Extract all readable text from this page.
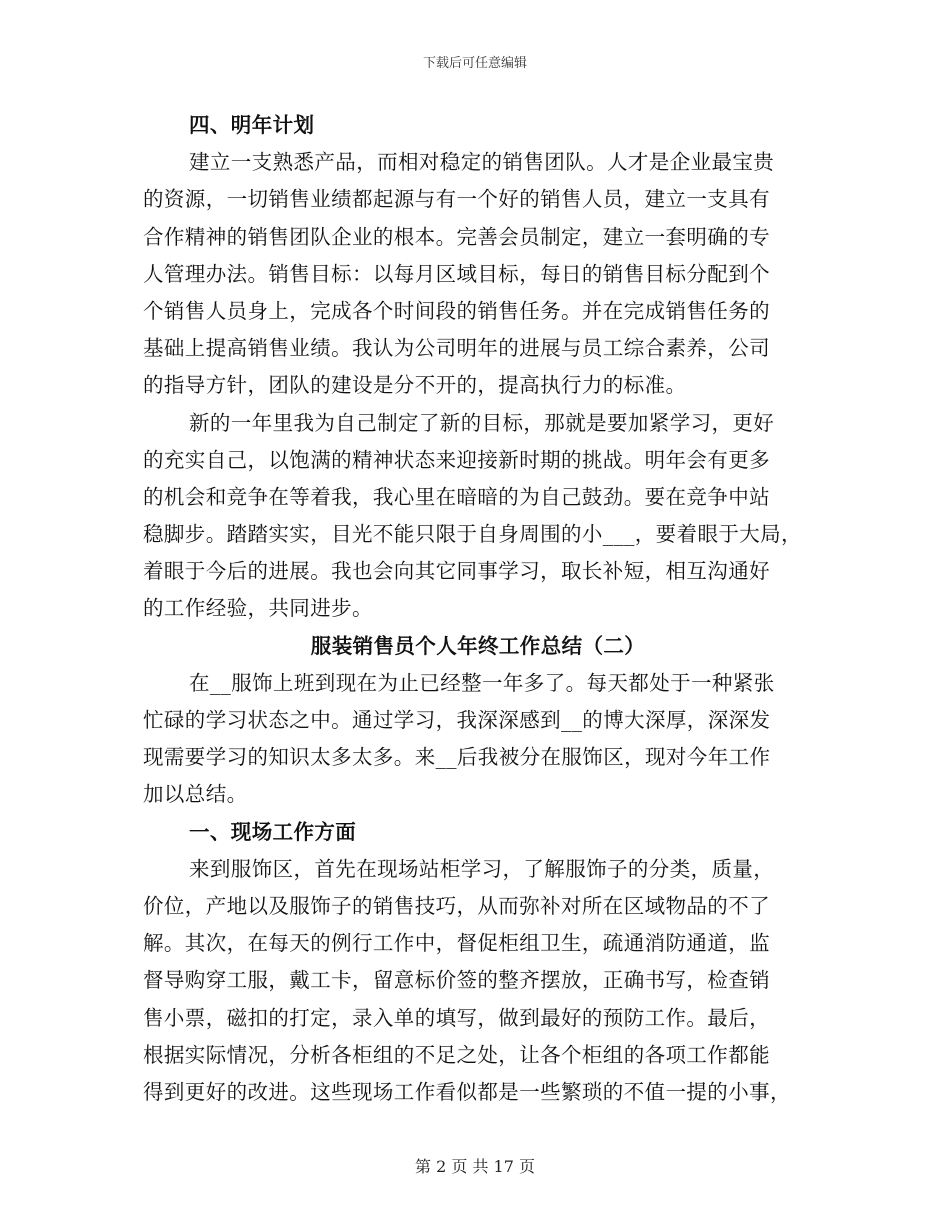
下载后可任意编辑
四、明年计划
建立一支熟悉产品，而相对稳定的销售团队。人才是企业最宝贵
的资源，一切销售业绩都起源与有一个好的销售人员，建立一支具有
合作精神的销售团队企业的根本。完善会员制定，建立一套明确的专
人管理办法。销售目标：以每月区域目标，每日的销售目标分配到个
个销售人员身上，完成各个时间段的销售任务。并在完成销售任务的
基础上提高销售业绩。我认为公司明年的进展与员工综合素养，公司
的指导方针，团队的建设是分不开的，提高执行力的标准。
新的一年里我为自己制定了新的目标，那就是要加紧学习，更好
的充实自己，以饱满的精神状态来迎接新时期的挑战。明年会有更多
的机会和竞争在等着我，我心里在暗暗的为自己鼓劲。要在竞争中站
稳脚步。踏踏实实，目光不能只限于自身周围的小___，要着眼于大局，
着眼于今后的进展。我也会向其它同事学习，取长补短，相互沟通好
的工作经验，共同进步。
服装销售员个人年终工作总结（二）
在__服饰上班到现在为止已经整一年多了。每天都处于一种紧张
忙碌的学习状态之中。通过学习，我深深感到__的博大深厚，深深发
现需要学习的知识太多太多。来__后我被分在服饰区，现对今年工作
加以总结。
一、现场工作方面
来到服饰区，首先在现场站柜学习，了解服饰子的分类，质量，
价位，产地以及服饰子的销售技巧，从而弥补对所在区域物品的不了
解。其次，在每天的例行工作中，督促柜组卫生，疏通消防通道，监
督导购穿工服，戴工卡，留意标价签的整齐摆放，正确书写，检查销
售小票，磁扣的打定，录入单的填写，做到最好的预防工作。最后，
根据实际情况，分析各柜组的不足之处，让各个柜组的各项工作都能
得到更好的改进。这些现场工作看似都是一些繁琐的不值一提的小事，
第 2 页 共 17 页
